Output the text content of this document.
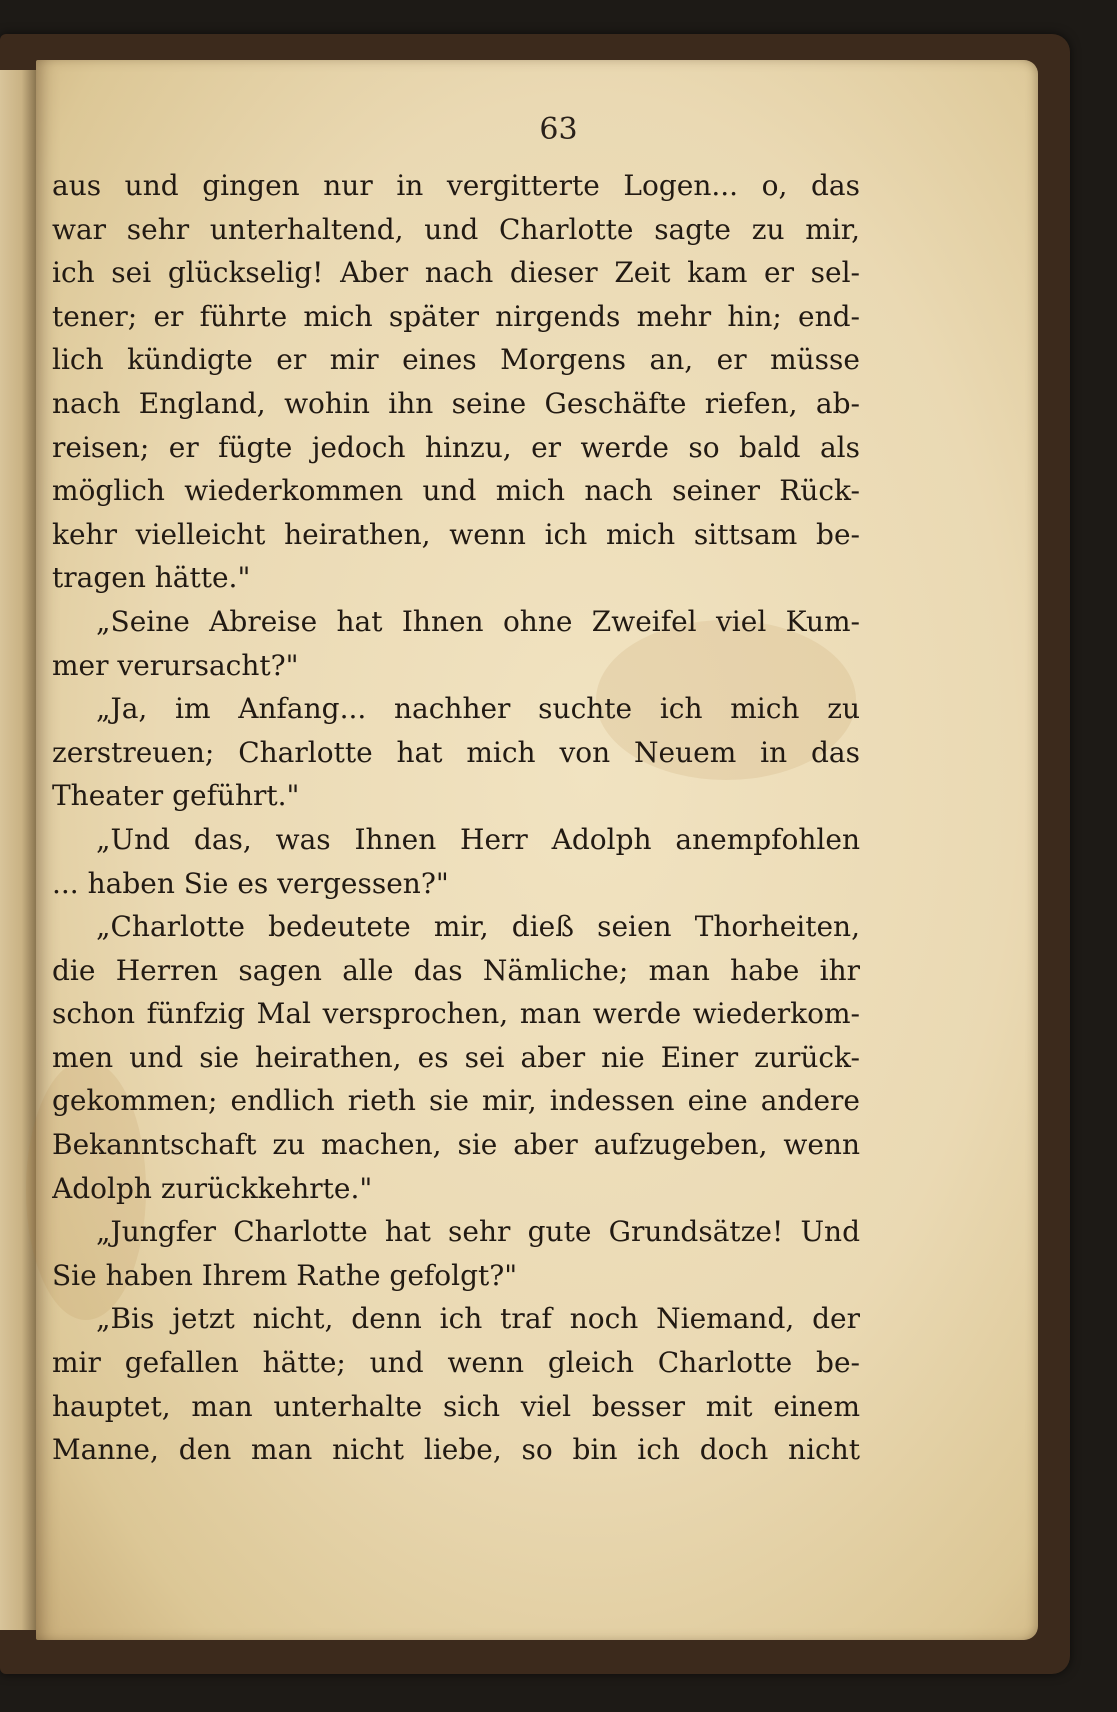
63
aus und gingen nur in vergitterte Logen... o, das
war sehr unterhaltend, und Charlotte sagte zu mir,
ich sei glückselig! Aber nach dieser Zeit kam er sel-
tener; er führte mich später nirgends mehr hin; end-
lich kündigte er mir eines Morgens an, er müsse
nach England, wohin ihn seine Geschäfte riefen, ab-
reisen; er fügte jedoch hinzu, er werde so bald als
möglich wiederkommen und mich nach seiner Rück-
kehr vielleicht heirathen, wenn ich mich sittsam be-
tragen hätte."
„Seine Abreise hat Ihnen ohne Zweifel viel Kum-
mer verursacht?"
„Ja, im Anfang... nachher suchte ich mich zu
zerstreuen; Charlotte hat mich von Neuem in das
Theater geführt."
„Und das, was Ihnen Herr Adolph anempfohlen
... haben Sie es vergessen?"
„Charlotte bedeutete mir, dieß seien Thorheiten,
die Herren sagen alle das Nämliche; man habe ihr
schon fünfzig Mal versprochen, man werde wiederkom-
men und sie heirathen, es sei aber nie Einer zurück-
gekommen; endlich rieth sie mir, indessen eine andere
Bekanntschaft zu machen, sie aber aufzugeben, wenn
Adolph zurückkehrte."
„Jungfer Charlotte hat sehr gute Grundsätze! Und
Sie haben Ihrem Rathe gefolgt?"
„Bis jetzt nicht, denn ich traf noch Niemand, der
mir gefallen hätte; und wenn gleich Charlotte be-
hauptet, man unterhalte sich viel besser mit einem
Manne, den man nicht liebe, so bin ich doch nicht
